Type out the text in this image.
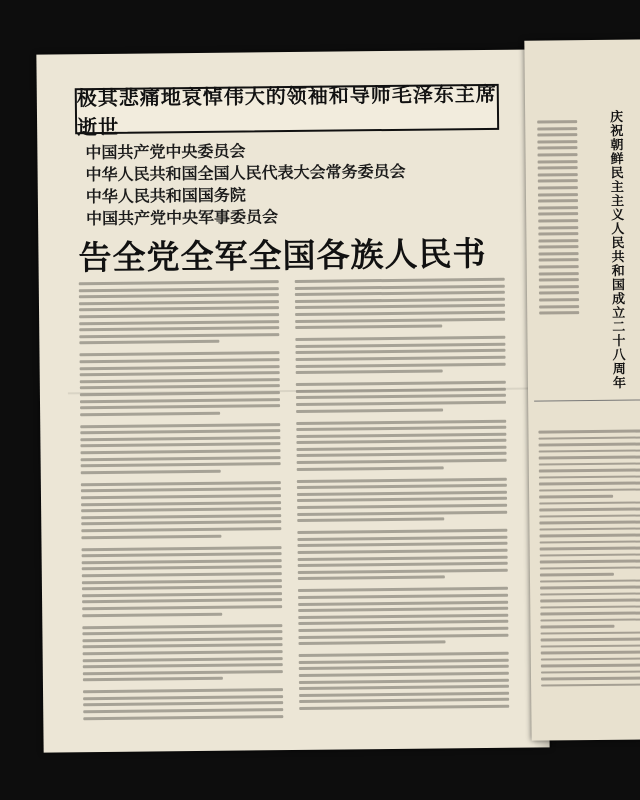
极其悲痛地哀悼伟大的领袖和导师毛泽东主席逝世
中国共产党中央委员会
中华人民共和国全国人民代表大会常务委员会
中华人民共和国国务院
中国共产党中央军事委员会
告全党全军全国各族人民书	庆祝朝鲜民主主义人民共和国成立二十八周年
